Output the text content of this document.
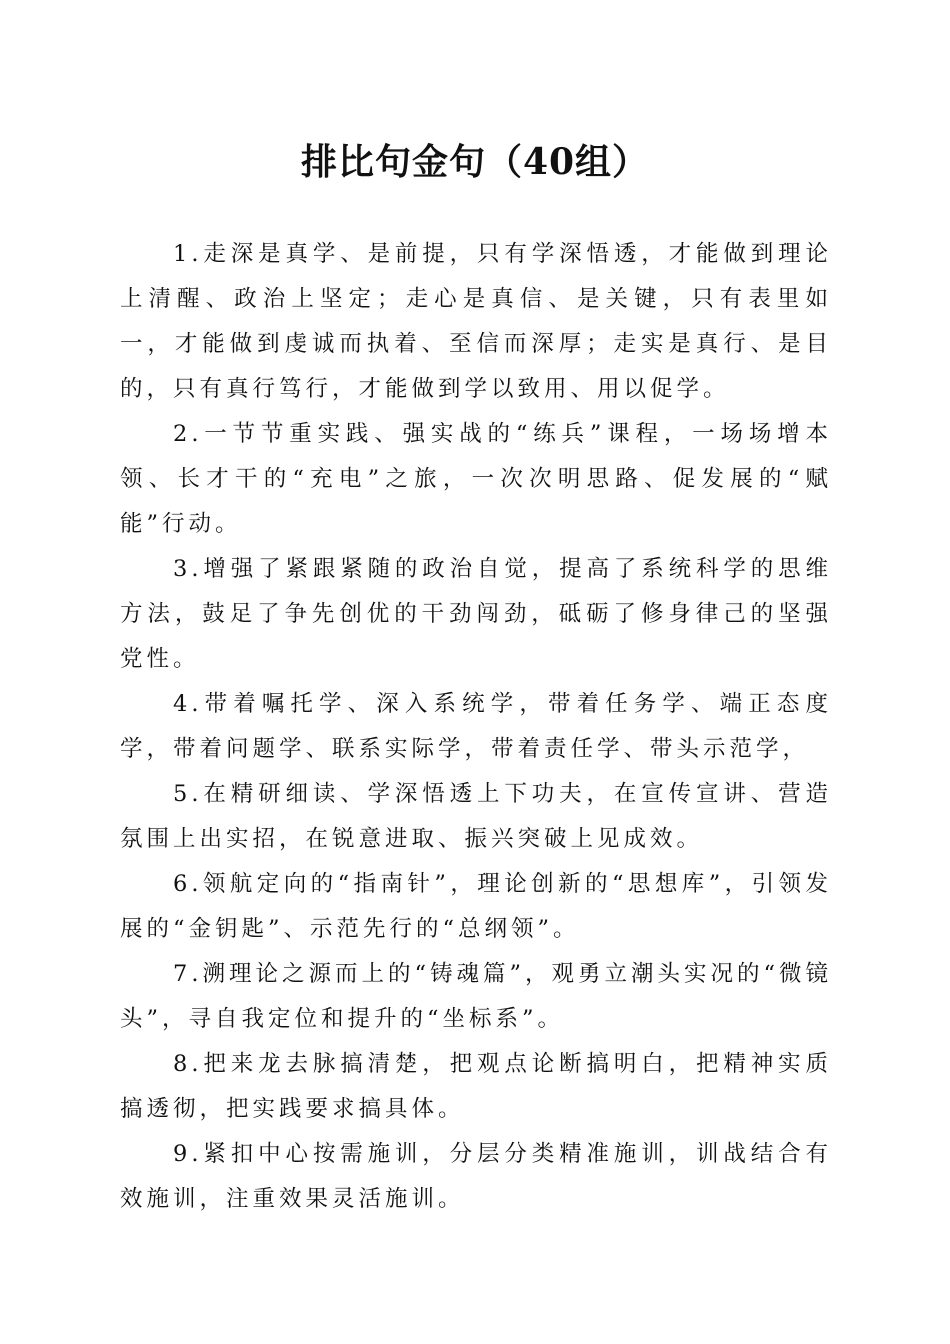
排比句金句（40组）

1.走深是真学、是前提，只有学深悟透，才能做到理论上清醒、政治上坚定；走心是真信、是关键，只有表里如一，才能做到虔诚而执着、至信而深厚；走实是真行、是目的，只有真行笃行，才能做到学以致用、用以促学。

2.一节节重实践、强实战的“练兵”课程，一场场增本领、长才干的“充电”之旅，一次次明思路、促发展的“赋能”行动。

3.增强了紧跟紧随的政治自觉，提高了系统科学的思维方法，鼓足了争先创优的干劲闯劲，砥砺了修身律己的坚强党性。

4.带着嘱托学、深入系统学，带着任务学、端正态度学，带着问题学、联系实际学，带着责任学、带头示范学，

5.在精研细读、学深悟透上下功夫，在宣传宣讲、营造氛围上出实招，在锐意进取、振兴突破上见成效。

6.领航定向的“指南针”，理论创新的“思想库”，引领发展的“金钥匙”、示范先行的“总纲领”。

7.溯理论之源而上的“铸魂篇”，观勇立潮头实况的“微镜头”，寻自我定位和提升的“坐标系”。

8.把来龙去脉搞清楚，把观点论断搞明白，把精神实质搞透彻，把实践要求搞具体。

9.紧扣中心按需施训，分层分类精准施训，训战结合有效施训，注重效果灵活施训。
